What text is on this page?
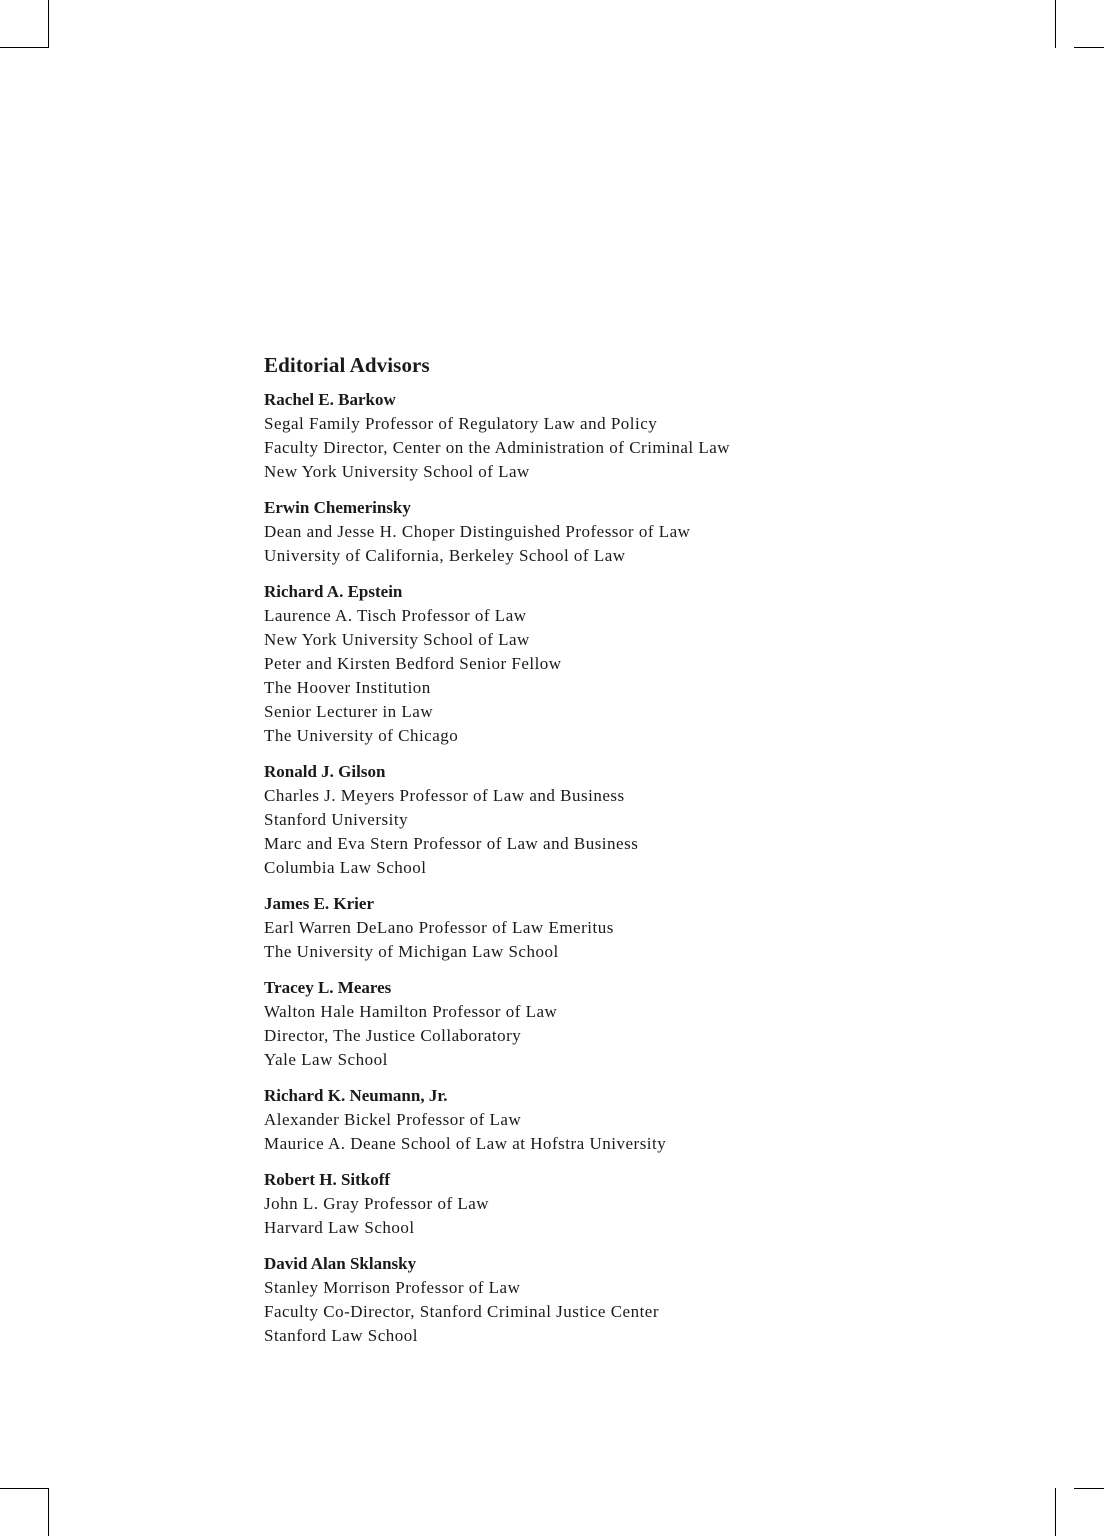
Editorial Advisors
Rachel E. Barkow
Segal Family Professor of Regulatory Law and Policy
Faculty Director, Center on the Administration of Criminal Law
New York University School of Law
Erwin Chemerinsky
Dean and Jesse H. Choper Distinguished Professor of Law
University of California, Berkeley School of Law
Richard A. Epstein
Laurence A. Tisch Professor of Law
New York University School of Law
Peter and Kirsten Bedford Senior Fellow
The Hoover Institution
Senior Lecturer in Law
The University of Chicago
Ronald J. Gilson
Charles J. Meyers Professor of Law and Business
Stanford University
Marc and Eva Stern Professor of Law and Business
Columbia Law School
James E. Krier
Earl Warren DeLano Professor of Law Emeritus
The University of Michigan Law School
Tracey L. Meares
Walton Hale Hamilton Professor of Law
Director, The Justice Collaboratory
Yale Law School
Richard K. Neumann, Jr.
Alexander Bickel Professor of Law
Maurice A. Deane School of Law at Hofstra University
Robert H. Sitkoff
John L. Gray Professor of Law
Harvard Law School
David Alan Sklansky
Stanley Morrison Professor of Law
Faculty Co-Director, Stanford Criminal Justice Center
Stanford Law School
